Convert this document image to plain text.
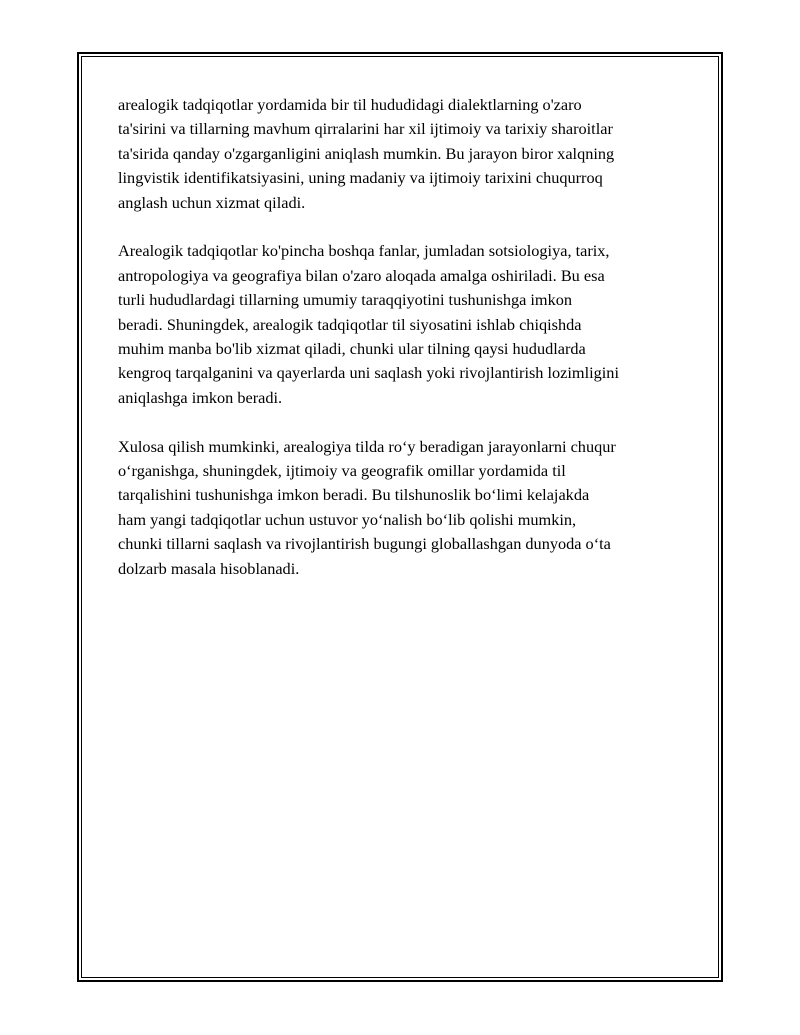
arealogik tadqiqotlar yordamida bir til hududidagi dialektlarning o'zaro
ta'sirini va tillarning mavhum qirralarini har xil ijtimoiy va tarixiy sharoitlar
ta'sirida qanday o'zgarganligini aniqlash mumkin. Bu jarayon biror xalqning
lingvistik identifikatsiyasini, uning madaniy va ijtimoiy tarixini chuqurroq
anglash uchun xizmat qiladi.

Arealogik tadqiqotlar ko'pincha boshqa fanlar, jumladan sotsiologiya, tarix,
antropologiya va geografiya bilan o'zaro aloqada amalga oshiriladi. Bu esa
turli hududlardagi tillarning umumiy taraqqiyotini tushunishga imkon
beradi. Shuningdek, arealogik tadqiqotlar til siyosatini ishlab chiqishda
muhim manba bo'lib xizmat qiladi, chunki ular tilning qaysi hududlarda
kengroq tarqalganini va qayerlarda uni saqlash yoki rivojlantirish lozimligini
aniqlashga imkon beradi.

Xulosa qilish mumkinki, arealogiya tilda roʻy beradigan jarayonlarni chuqur
oʻrganishga, shuningdek, ijtimoiy va geografik omillar yordamida til
tarqalishini tushunishga imkon beradi. Bu tilshunoslik boʻlimi kelajakda
ham yangi tadqiqotlar uchun ustuvor yoʻnalish boʻlib qolishi mumkin,
chunki tillarni saqlash va rivojlantirish bugungi globallashgan dunyoda oʻta
dolzarb masala hisoblanadi.
